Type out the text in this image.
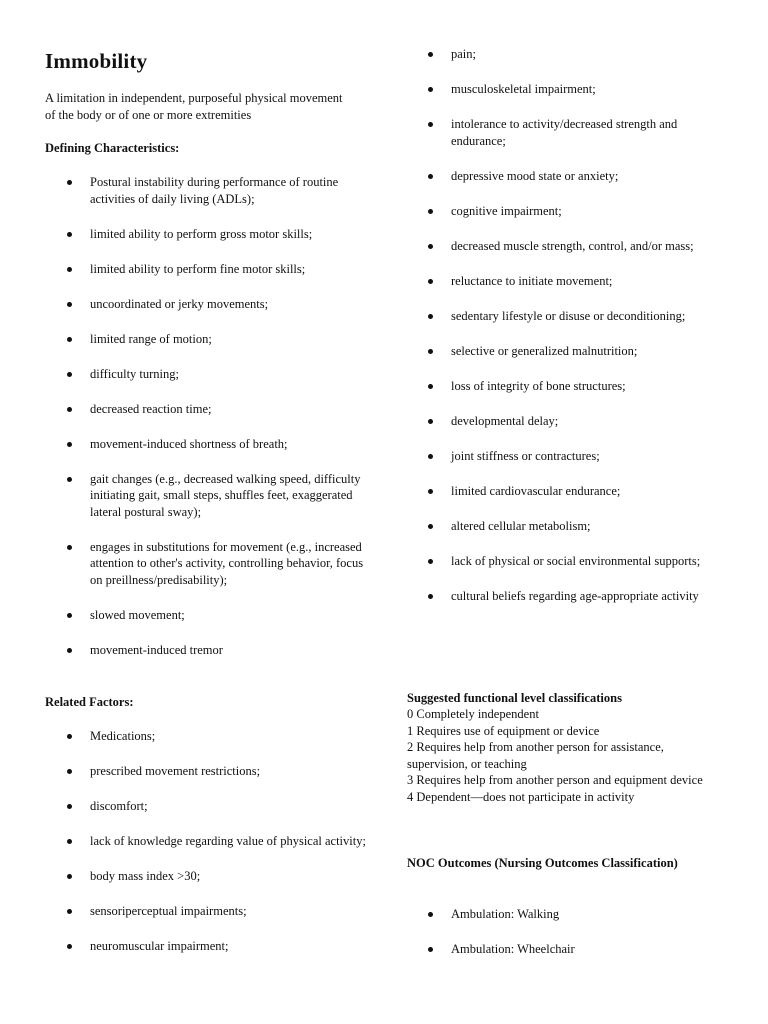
Immobility

A limitation in independent, purposeful physical movement of the body or of one or more extremities

Defining Characteristics:
Postural instability during performance of routine activities of daily living (ADLs);
limited ability to perform gross motor skills;
limited ability to perform fine motor skills;
uncoordinated or jerky movements;
limited range of motion;
difficulty turning;
decreased reaction time;
movement-induced shortness of breath;
gait changes (e.g., decreased walking speed, difficulty initiating gait, small steps, shuffles feet, exaggerated lateral postural sway);
engages in substitutions for movement (e.g., increased attention to other's activity, controlling behavior, focus on preillness/predisability);
slowed movement;
movement-induced tremor
Related Factors:
Medications;
prescribed movement restrictions;
discomfort;
lack of knowledge regarding value of physical activity;
body mass index >30;
sensoriperceptual impairments;
neuromuscular impairment;
pain;
musculoskeletal impairment;
intolerance to activity/decreased strength and endurance;
depressive mood state or anxiety;
cognitive impairment;
decreased muscle strength, control, and/or mass;
reluctance to initiate movement;
sedentary lifestyle or disuse or deconditioning;
selective or generalized malnutrition;
loss of integrity of bone structures;
developmental delay;
joint stiffness or contractures;
limited cardiovascular endurance;
altered cellular metabolism;
lack of physical or social environmental supports;
cultural beliefs regarding age-appropriate activity
Suggested functional level classifications
0 Completely independent
1 Requires use of equipment or device
2 Requires help from another person for assistance, supervision, or teaching
3 Requires help from another person and equipment device
4 Dependent—does not participate in activity
NOC Outcomes (Nursing Outcomes Classification)
Ambulation: Walking
Ambulation: Wheelchair
